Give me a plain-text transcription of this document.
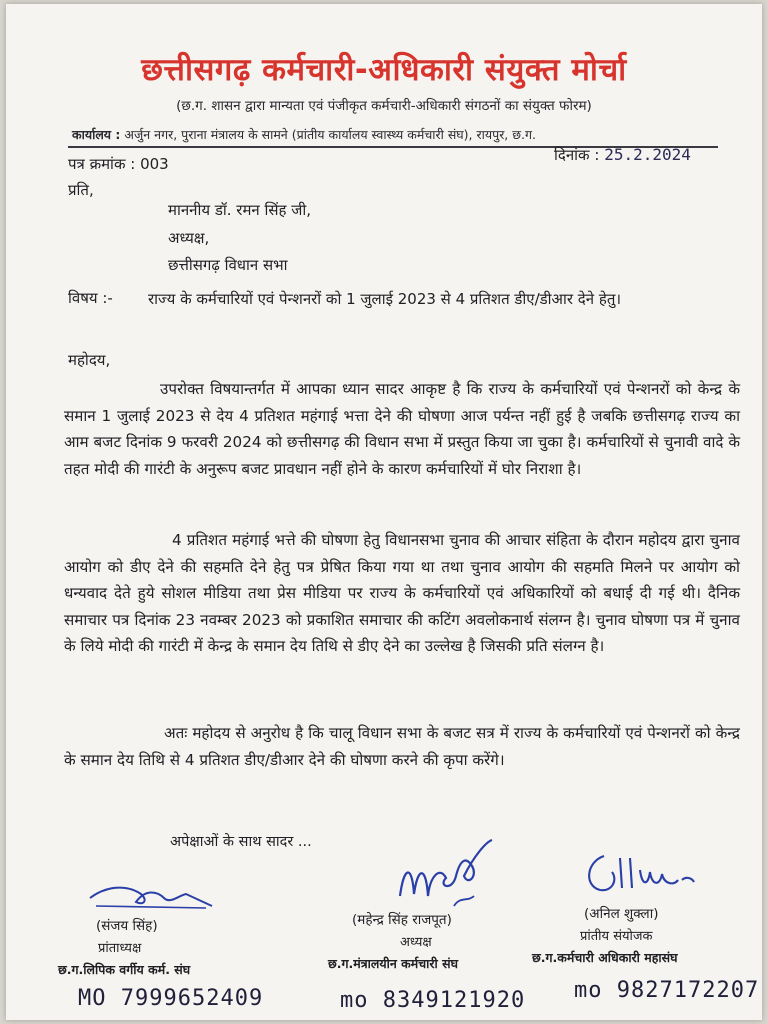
छत्तीसगढ़ कर्मचारी-अधिकारी संयुक्त मोर्चा
(छ.ग. शासन द्वारा मान्यता एवं पंजीकृत कर्मचारी-अधिकारी संगठनों का संयुक्त फोरम)
कार्यालय : अर्जुन नगर, पुराना मंत्रालय के सामने (प्रांतीय कार्यालय स्वास्थ्य कर्मचारी संघ), रायपुर, छ.ग.
पत्र क्रमांक : 003	दिनांक : 25.2.2024
प्रति,
माननीय डॉ. रमन सिंह जी,
अध्यक्ष,
छत्तीसगढ़ विधान सभा
विषय :- राज्य के कर्मचारियों एवं पेन्शनरों को 1 जुलाई 2023 से 4 प्रतिशत डीए/डीआर देने हेतु।
महोदय,
उपरोक्त विषयान्तर्गत में आपका ध्यान सादर आकृष्ट है कि राज्य के कर्मचारियों एवं पेन्शनरों को केन्द्र के समान 1 जुलाई 2023 से देय 4 प्रतिशत महंगाई भत्ता देने की घोषणा आज पर्यन्त नहीं हुई है जबकि छत्तीसगढ़ राज्य का आम बजट दिनांक 9 फरवरी 2024 को छत्तीसगढ़ की विधान सभा में प्रस्तुत किया जा चुका है। कर्मचारियों से चुनावी वादे के तहत मोदी की गारंटी के अनुरूप बजट प्रावधान नहीं होने के कारण कर्मचारियों में घोर निराशा है।
4 प्रतिशत महंगाई भत्ते की घोषणा हेतु विधानसभा चुनाव की आचार संहिता के दौरान महोदय द्वारा चुनाव आयोग को डीए देने की सहमति देने हेतु पत्र प्रेषित किया गया था तथा चुनाव आयोग की सहमति मिलने पर आयोग को धन्यवाद देते हुये सोशल मीडिया तथा प्रेस मीडिया पर राज्य के कर्मचारियों एवं अधिकारियों को बधाई दी गई थी। दैनिक समाचार पत्र दिनांक 23 नवम्बर 2023 को प्रकाशित समाचार की कटिंग अवलोकनार्थ संलग्न है। चुनाव घोषणा पत्र में चुनाव के लिये मोदी की गारंटी में केन्द्र के समान देय तिथि से डीए देने का उल्लेख है जिसकी प्रति संलग्न है।
अतः महोदय से अनुरोध है कि चालू विधान सभा के बजट सत्र में राज्य के कर्मचारियों एवं पेन्शनरों को केन्द्र के समान देय तिथि से 4 प्रतिशत डीए/डीआर देने की घोषणा करने की कृपा करेंगे।
अपेक्षाओं के साथ सादर ...
(संजय सिंह)
प्रांताध्यक्ष
छ.ग.लिपिक वर्गीय कर्म. संघ
MO 7999652409
(महेन्द्र सिंह राजपूत)
अध्यक्ष
छ.ग.मंत्रालयीन कर्मचारी संघ
mo 8349121920
(अनिल शुक्ला)
प्रांतीय संयोजक
छ.ग.कर्मचारी अधिकारी महासंघ
mo 9827172207
